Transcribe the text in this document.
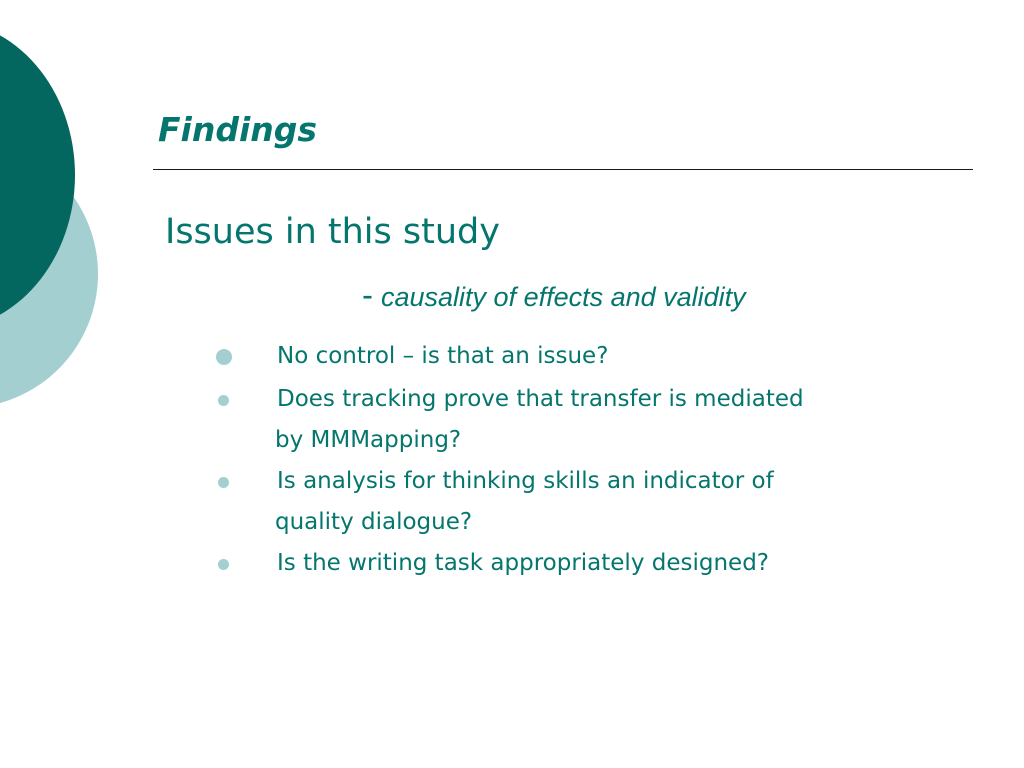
Findings
Issues in this study
- causality of effects and validity
No control – is that an issue?
Does tracking prove that transfer is mediated
by MMMapping?
Is analysis for thinking skills an indicator of
quality dialogue?
Is the writing task appropriately designed?
